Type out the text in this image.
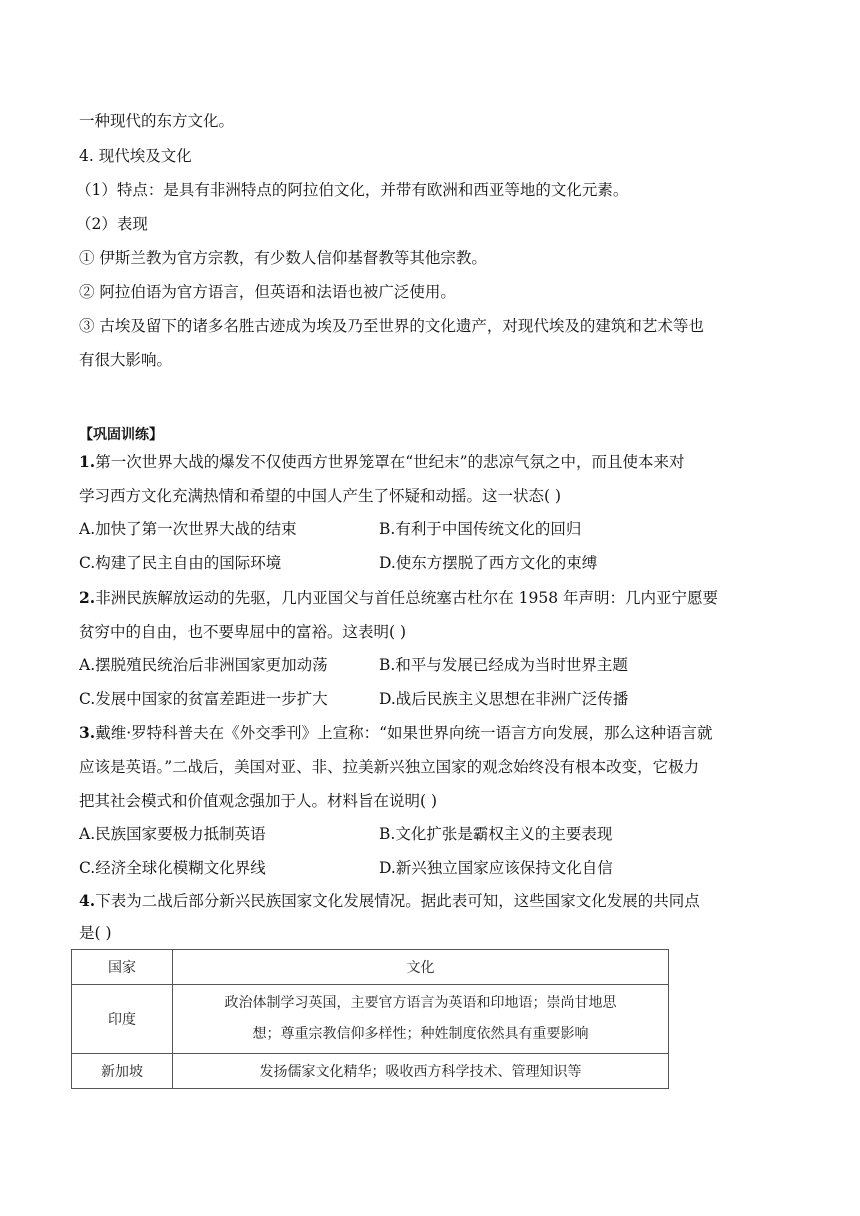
一种现代的东方文化。
4. 现代埃及文化
（1）特点：是具有非洲特点的阿拉伯文化，并带有欧洲和西亚等地的文化元素。
（2）表现
① 伊斯兰教为官方宗教，有少数人信仰基督教等其他宗教。
② 阿拉伯语为官方语言，但英语和法语也被广泛使用。
③ 古埃及留下的诸多名胜古迹成为埃及乃至世界的文化遗产，对现代埃及的建筑和艺术等也
有很大影响。
【巩固训练】
1.第一次世界大战的爆发不仅使西方世界笼罩在“世纪末”的悲凉气氛之中，而且使本来对
学习西方文化充满热情和希望的中国人产生了怀疑和动摇。这一状态( )
A.加快了第一次世界大战的结束	B.有利于中国传统文化的回归
C.构建了民主自由的国际环境	D.使东方摆脱了西方文化的束缚
2.非洲民族解放运动的先驱，几内亚国父与首任总统塞古杜尔在 1958 年声明：几内亚宁愿要
贫穷中的自由，也不要卑屈中的富裕。这表明( )
A.摆脱殖民统治后非洲国家更加动荡	B.和平与发展已经成为当时世界主题
C.发展中国家的贫富差距进一步扩大	D.战后民族主义思想在非洲广泛传播
3.戴维·罗特科普夫在《外交季刊》上宣称：“如果世界向统一语言方向发展，那么这种语言就
应该是英语。”二战后，美国对亚、非、拉美新兴独立国家的观念始终没有根本改变，它极力
把其社会模式和价值观念强加于人。材料旨在说明( )
A.民族国家要极力抵制英语	B.文化扩张是霸权主义的主要表现
C.经济全球化模糊文化界线	D.新兴独立国家应该保持文化自信
4.下表为二战后部分新兴民族国家文化发展情况。据此表可知，这些国家文化发展的共同点
是( )
国家	文化
印度	政治体制学习英国，主要官方语言为英语和印地语；崇尚甘地思
想；尊重宗教信仰多样性；种姓制度依然具有重要影响

新加坡	发扬儒家文化精华；吸收西方科学技术、管理知识等
